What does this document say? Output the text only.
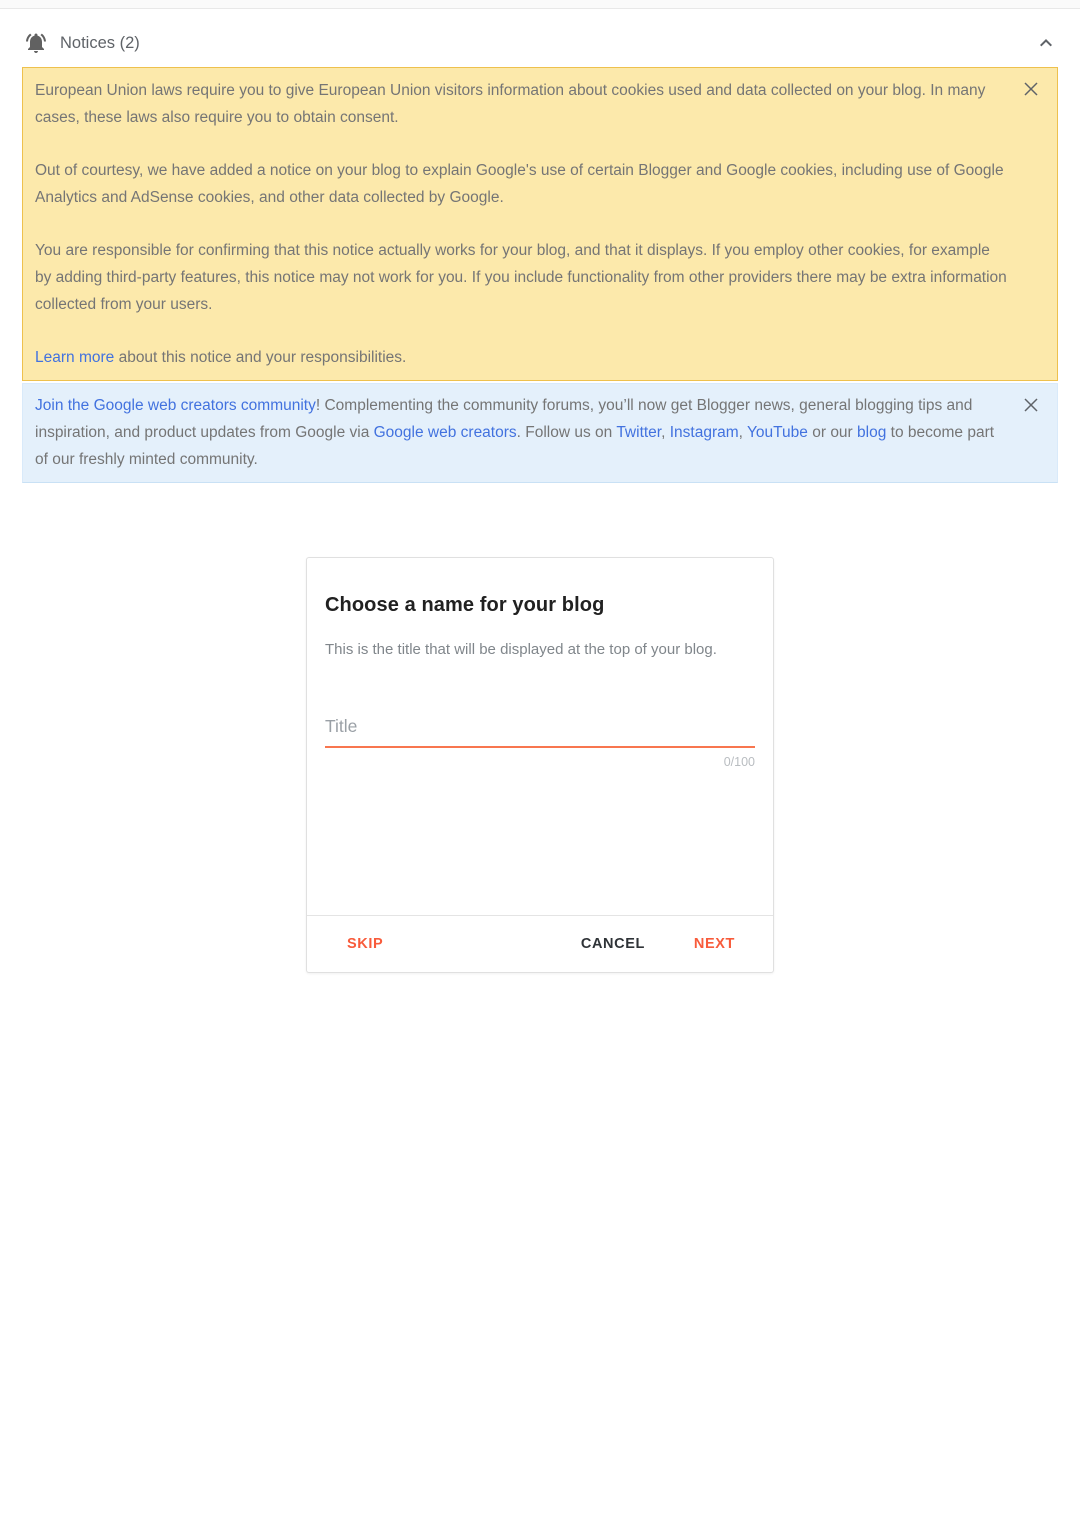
Notices (2)

European Union laws require you to give European Union visitors information about cookies used and data collected on your blog. In many cases, these laws also require you to obtain consent.

Out of courtesy, we have added a notice on your blog to explain Google's use of certain Blogger and Google cookies, including use of Google Analytics and AdSense cookies, and other data collected by Google.

You are responsible for confirming that this notice actually works for your blog, and that it displays. If you employ other cookies, for example by adding third-party features, this notice may not work for you. If you include functionality from other providers there may be extra information collected from your users.

Learn more about this notice and your responsibilities.

Join the Google web creators community! Complementing the community forums, you’ll now get Blogger news, general blogging tips and inspiration, and product updates from Google via Google web creators. Follow us on Twitter, Instagram, YouTube or our blog to become part of our freshly minted community.

Choose a name for your blog
This is the title that will be displayed at the top of your blog.
Title
0/100
SKIP	CANCEL	NEXT
